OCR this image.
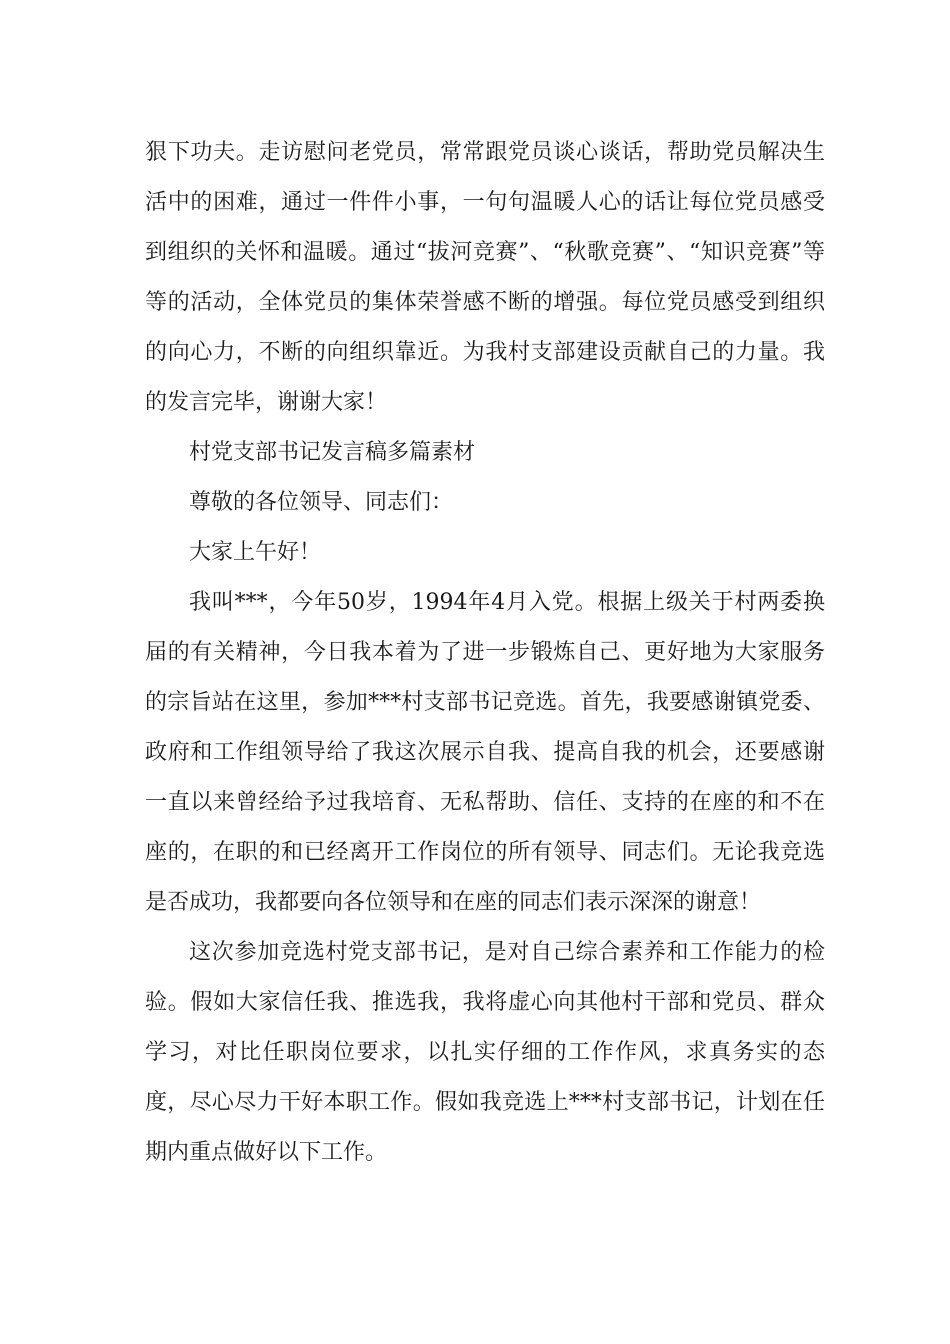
狠下功夫。走访慰问老党员，常常跟党员谈心谈话，帮助党员解决生活中的困难，通过一件件小事，一句句温暖人心的话让每位党员感受到组织的关怀和温暖。通过“拔河竞赛”、“秋歌竞赛”、“知识竞赛”等等的活动，全体党员的集体荣誉感不断的增强。每位党员感受到组织的向心力，不断的向组织靠近。为我村支部建设贡献自己的力量。我的发言完毕，谢谢大家！

村党支部书记发言稿多篇素材

尊敬的各位领导、同志们：

大家上午好！

我叫***，今年50岁，1994年4月入党。根据上级关于村两委换届的有关精神，今日我本着为了进一步锻炼自己、更好地为大家服务的宗旨站在这里，参加***村支部书记竞选。首先，我要感谢镇党委、政府和工作组领导给了我这次展示自我、提高自我的机会，还要感谢一直以来曾经给予过我培育、无私帮助、信任、支持的在座的和不在座的，在职的和已经离开工作岗位的所有领导、同志们。无论我竞选是否成功，我都要向各位领导和在座的同志们表示深深的谢意！

这次参加竞选村党支部书记，是对自己综合素养和工作能力的检验。假如大家信任我、推选我，我将虚心向其他村干部和党员、群众学习，对比任职岗位要求，以扎实仔细的工作作风，求真务实的态度，尽心尽力干好本职工作。假如我竞选上***村支部书记，计划在任期内重点做好以下工作。
